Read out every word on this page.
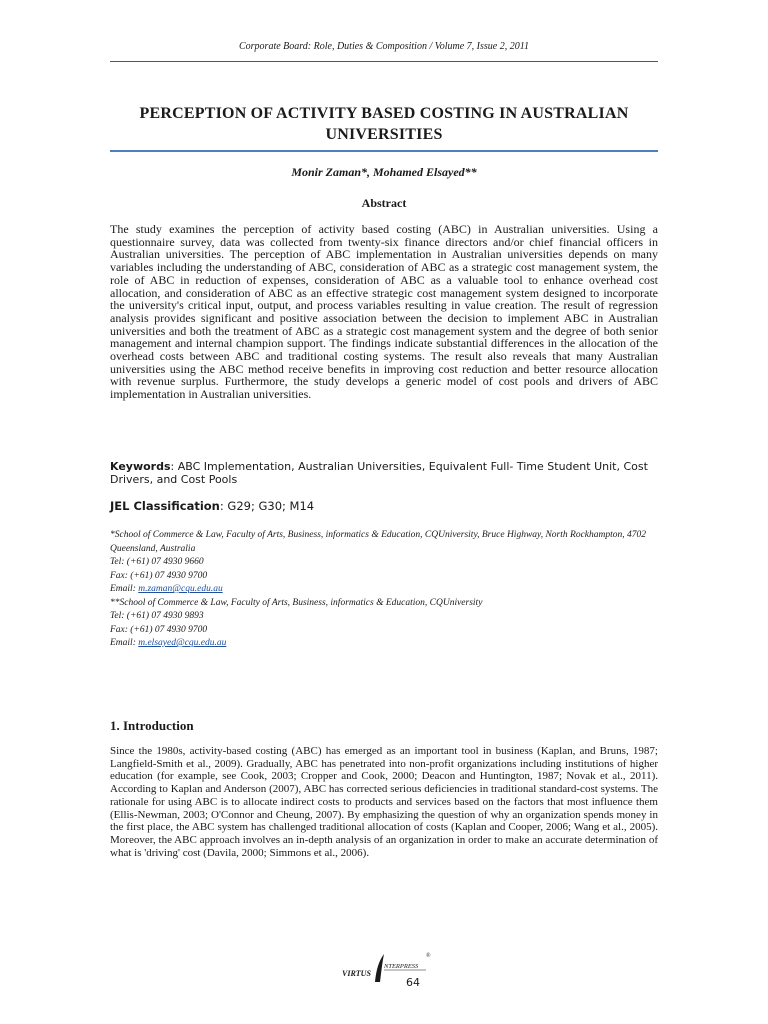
Corporate Board: Role, Duties & Composition / Volume 7, Issue 2, 2011
PERCEPTION OF ACTIVITY BASED COSTING IN AUSTRALIAN UNIVERSITIES
Monir Zaman*, Mohamed Elsayed**
Abstract
The study examines the perception of activity based costing (ABC) in Australian universities. Using a questionnaire survey, data was collected from twenty-six finance directors and/or chief financial officers in Australian universities. The perception of ABC implementation in Australian universities depends on many variables including the understanding of ABC, consideration of ABC as a strategic cost management system, the role of ABC in reduction of expenses, consideration of ABC as a valuable tool to enhance overhead cost allocation, and consideration of ABC as an effective strategic cost management system designed to incorporate the university's critical input, output, and process variables resulting in value creation. The result of regression analysis provides significant and positive association between the decision to implement ABC in Australian universities and both the treatment of ABC as a strategic cost management system and the degree of both senior management and internal champion support. The findings indicate substantial differences in the allocation of the overhead costs between ABC and traditional costing systems. The result also reveals that many Australian universities using the ABC method receive benefits in improving cost reduction and better resource allocation with revenue surplus. Furthermore, the study develops a generic model of cost pools and drivers of ABC implementation in Australian universities.
Keywords: ABC Implementation, Australian Universities, Equivalent Full- Time Student Unit, Cost Drivers, and Cost Pools
JEL Classification: G29; G30; M14
*School of Commerce & Law, Faculty of Arts, Business, informatics & Education, CQUniversity, Bruce Highway, North Rockhampton, 4702 Queensland, Australia
Tel: (+61) 07 4930 9660
Fax: (+61) 07 4930 9700
Email: m.zaman@cqu.edu.au
**School of Commerce & Law, Faculty of Arts, Business, informatics & Education, CQUniversity
Tel: (+61) 07 4930 9893
Fax: (+61) 07 4930 9700
Email: m.elsayed@cqu.edu.au
1. Introduction
Since the 1980s, activity-based costing (ABC) has emerged as an important tool in business (Kaplan, and Bruns, 1987; Langfield-Smith et al., 2009). Gradually, ABC has penetrated into non-profit organizations including institutions of higher education (for example, see Cook, 2003; Cropper and Cook, 2000; Deacon and Huntington, 1987; Novak et al., 2011). According to Kaplan and Anderson (2007), ABC has corrected serious deficiencies in traditional standard-cost systems. The rationale for using ABC is to allocate indirect costs to products and services based on the factors that most influence them (Ellis-Newman, 2003; O'Connor and Cheung, 2007). By emphasizing the question of why an organization spends money in the first place, the ABC system has challenged traditional allocation of costs (Kaplan and Cooper, 2006; Wang et al., 2005). Moreover, the ABC approach involves an in-depth analysis of an organization in order to make an accurate determination of what is 'driving' cost (Davila, 2000; Simmons et al., 2006).
VIRTUS
NTERPRESS
®
64
